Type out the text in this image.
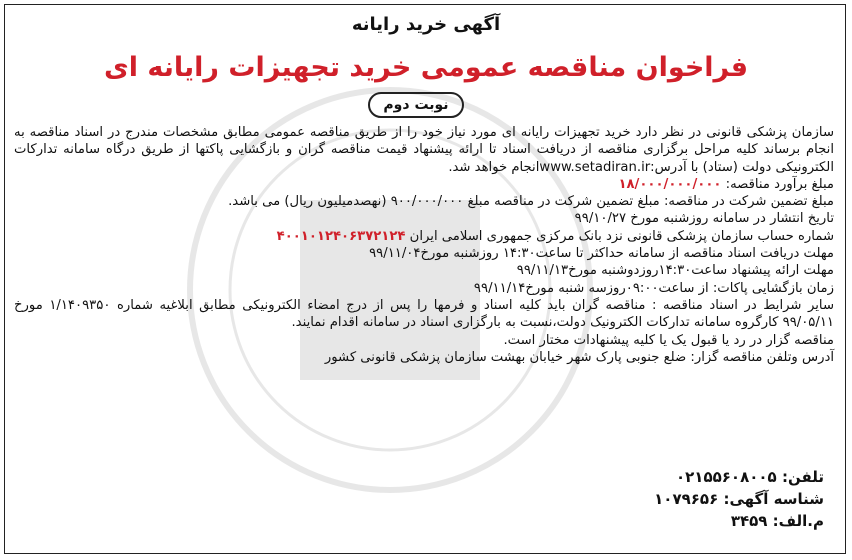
آگهی خرید رایانه
فراخوان مناقصه عمومی خرید تجهیزات رایانه ای
نوبت دوم

سازمان پزشکی قانونی در نظر دارد خرید تجهیزات رایانه ای مورد نیاز خود را از طریق مناقصه عمومی مطابق مشخصات مندرج در اسناد مناقصه به انجام برساند کلیه مراحل برگزاری مناقصه از دریافت اسناد تا ارائه پیشنهاد قیمت مناقصه گران و بازگشایی پاکتها از طریق درگاه سامانه تدارکات الکترونیکی دولت (ستاد) با آدرس:www.setadiran.irانجام خواهد شد.

مبلغ برآورد مناقصه: ۱۸/۰۰۰/۰۰۰/۰۰۰

مبلغ تضمین شرکت در مناقصه: مبلغ تضمین شرکت در مناقصه مبلغ ۹۰۰/۰۰۰/۰۰۰ (نهصدمیلیون ریال) می باشد.

تاریخ انتشار در سامانه روزشنبه مورخ ۹۹/۱۰/۲۷

شماره حساب سازمان پزشکی قانونی نزد بانک مرکزی جمهوری اسلامی ایران ۴۰۰۱۰۱۲۴۰۶۳۷۲۱۲۴

مهلت دریافت اسناد مناقصه از سامانه حداکثر تا ساعت۱۴:۳۰ روزشنبه مورخ۹۹/۱۱/۰۴

مهلت ارائه پیشنهاد ساعت۱۴:۳۰روزدوشنبه مورخ۹۹/۱۱/۱۳

زمان بازگشایی پاکات: از ساعت۰۹:۰۰روزسه شنبه مورخ۹۹/۱۱/۱۴

سایر شرایط در اسناد مناقصه : مناقصه گران باید کلیه اسناد و فرمها را پس از درج امضاء الکترونیکی مطابق ابلاغیه شماره ۱/۱۴۰۹۳۵۰ مورخ ۹۹/۰۵/۱۱ کارگروه سامانه تدارکات الکترونیک دولت،نسبت به بارگزاری اسناد در سامانه اقدام نمایند.

مناقصه گزار در رد یا قبول یک یا کلیه پیشنهادات مختار است.

آدرس وتلفن مناقصه گزار: ضلع جنوبی پارک شهر خیابان بهشت سازمان پزشکی قانونی کشور

تلفن: ۰۲۱۵۵۶۰۸۰۰۵
شناسه آگهی: ۱۰۷۹۶۵۶
م.الف: ۳۴۵۹
